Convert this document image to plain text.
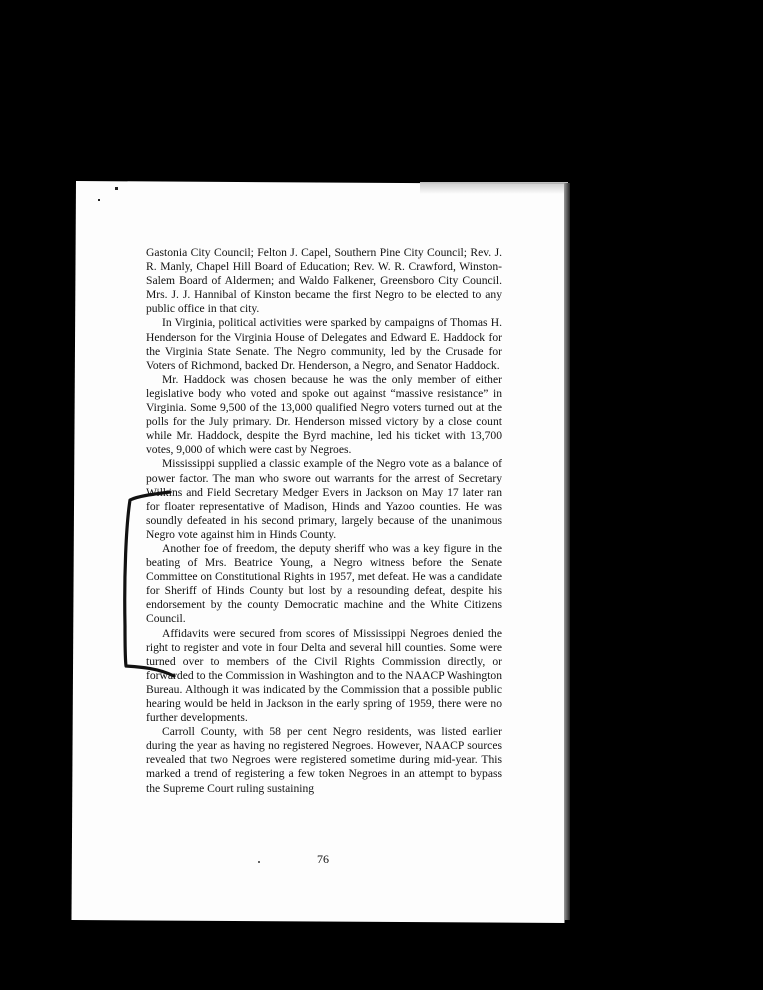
Gastonia City Council; Felton J. Capel, Southern Pine City Council; Rev. J. R. Manly, Chapel Hill Board of Education; Rev. W. R. Crawford, Winston-Salem Board of Aldermen; and Waldo Falkener, Greensboro City Council. Mrs. J. J. Hannibal of Kinston became the first Negro to be elected to any public office in that city.

In Virginia, political activities were sparked by campaigns of Thomas H. Henderson for the Virginia House of Delegates and Edward E. Haddock for the Virginia State Senate. The Negro community, led by the Crusade for Voters of Richmond, backed Dr. Henderson, a Negro, and Senator Haddock.

Mr. Haddock was chosen because he was the only member of either legislative body who voted and spoke out against “massive resistance” in Virginia. Some 9,500 of the 13,000 qualified Negro voters turned out at the polls for the July primary. Dr. Henderson missed victory by a close count while Mr. Haddock, despite the Byrd machine, led his ticket with 13,700 votes, 9,000 of which were cast by Negroes.

Mississippi supplied a classic example of the Negro vote as a balance of power factor. The man who swore out warrants for the arrest of Secretary Wilkins and Field Secretary Medger Evers in Jackson on May 17 later ran for floater representative of Madison, Hinds and Yazoo counties. He was soundly defeated in his second primary, largely because of the unanimous Negro vote against him in Hinds County.

Another foe of freedom, the deputy sheriff who was a key figure in the beating of Mrs. Beatrice Young, a Negro witness before the Senate Committee on Constitutional Rights in 1957, met defeat. He was a candidate for Sheriff of Hinds County but lost by a resounding defeat, despite his endorsement by the county Democratic machine and the White Citizens Council.

Affidavits were secured from scores of Mississippi Negroes denied the right to register and vote in four Delta and several hill counties. Some were turned over to members of the Civil Rights Commission directly, or forwarded to the Commission in Washington and to the NAACP Washington Bureau. Although it was indicated by the Commission that a possible public hearing would be held in Jackson in the early spring of 1959, there were no further developments.

Carroll County, with 58 per cent Negro residents, was listed earlier during the year as having no registered Negroes. However, NAACP sources revealed that two Negroes were registered sometime during mid-year. This marked a trend of registering a few token Negroes in an attempt to bypass the Supreme Court ruling sustaining

76
